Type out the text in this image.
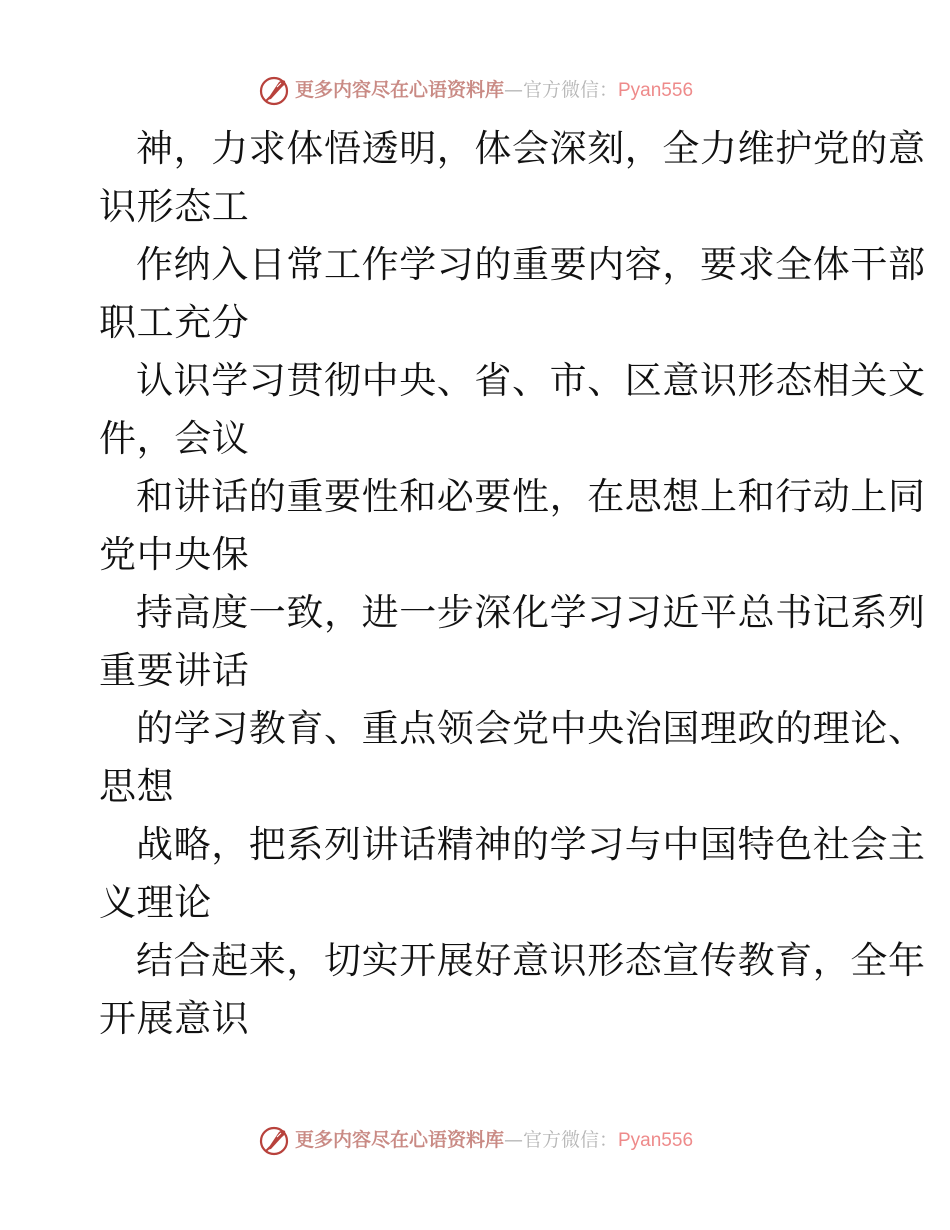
更多内容尽在心语资料库—官方微信：Pyan556

神，力求体悟透明，体会深刻，全力维护党的意
识形态工

作纳入日常工作学习的重要内容，要求全体干部
职工充分

认识学习贯彻中央、省、市、区意识形态相关文
件，会议

和讲话的重要性和必要性，在思想上和行动上同
党中央保

持高度一致，进一步深化学习习近平总书记系列
重要讲话

的学习教育、重点领会党中央治国理政的理论、
思想

战略，把系列讲话精神的学习与中国特色社会主
义理论

结合起来，切实开展好意识形态宣传教育，全年
开展意识

更多内容尽在心语资料库—官方微信：Pyan556
